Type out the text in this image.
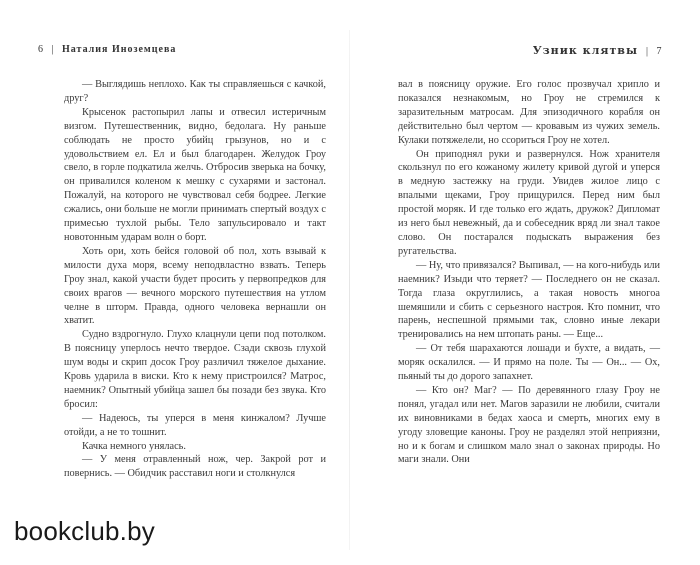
6 | Наталия Иноземцева	Узник клятвы | 7

— Выглядишь неплохо. Как ты справляешься с качкой, друг?

Крысенок растопырил лапы и отвесил истеричным визгом. Путешественник, видно, бедолага. Ну раньше соблюдать не просто убийц грызунов, но и с удовольствием ел. Ел и был благодарен. Желудок Гроу свело, в горле подкатила желчь. Отбросив зверька на бочку, он привалился коленом к мешку с сухарями и застонал. Пожалуй, на которого не чувствовал себя бодрее. Легкие сжались, они больше не могли принимать спертый воздух с примесью тухлой рыбы. Тело запульсировало и такт новотонным ударам волн о борт.

Хоть ори, хоть бейся головой об пол, хоть взывай к милости духа моря, всему неподвластно взвать. Теперь Гроу знал, какой участи будет просить у первопредков для своих врагов — вечного морского путешествия на утлом челне в шторм. Правда, одного человека вернашли он хватит.

Судно вздрогнуло. Глухо клацнули цепи под потолком. В поясницу уперлось нечто твердое. Сзади сквозь глухой шум воды и скрип досок Гроу различил тяжелое дыхание. Кровь ударила в виски. Кто к нему пристроился? Матрос, наемник? Опытный убийца зашел бы позади без звука. Кто бросил:

— Надеюсь, ты уперся в меня кинжалом? Лучше отойди, а не то тошнит.

Качка немного унялась.

— У меня отравленный нож, чер. Закрой рот и повернись. — Обидчик расставил ноги и столкнулся

вал в поясницу оружие. Его голос прозвучал хрипло и показался незнакомым, но Гроу не стремился к заразительным матросам. Для эпизодичного корабля он действительно был чертом — кровавым из чужих земель. Кулаки потяжелели, но ссориться Гроу не хотел.

Он приподнял руки и развернулся. Нож хранителя скользнул по его кожаному жилету кривой дугой и уперся в медную застежку на груди. Увидев жилое лицо с впалыми щеками, Гроу прищурился. Перед ним был простой моряк. И где только его ждать, дружок? Дипломат из него был невежный, да и собеседник вряд ли знал такое слово. Он постарался подыскать выражения без ругательства.

— Ну, что привязался? Выпивал, — на кого-нибудь или наемник? Изыди что теряет? — Последнего он не сказал. Тогда глаза округлились, а такая новость многоа шемяшили и сбить с серьезного настроя. Кто помнит, что парень, неспешной прямыми так, словно иные лекари тренировались на нем штопать раны. — Еще...

— От тебя шарахаются лошади и бухте, а видать, — моряк оскалился. — И прямо на поле. Ты — Он... — Ох, пьяный ты до дорого запахнет.

— Кто он? Маг? — По деревянного глазу Гроу не понял, угадал или нет. Магов заразили не любили, считали их виновниками в бедах хаоса и смерть, многих ему в угоду зловещие каноны. Гроу не разделял этой неприязни, но и к богам и слишком мало знал о законах природы. Но маги знали. Они

bookclub.by
